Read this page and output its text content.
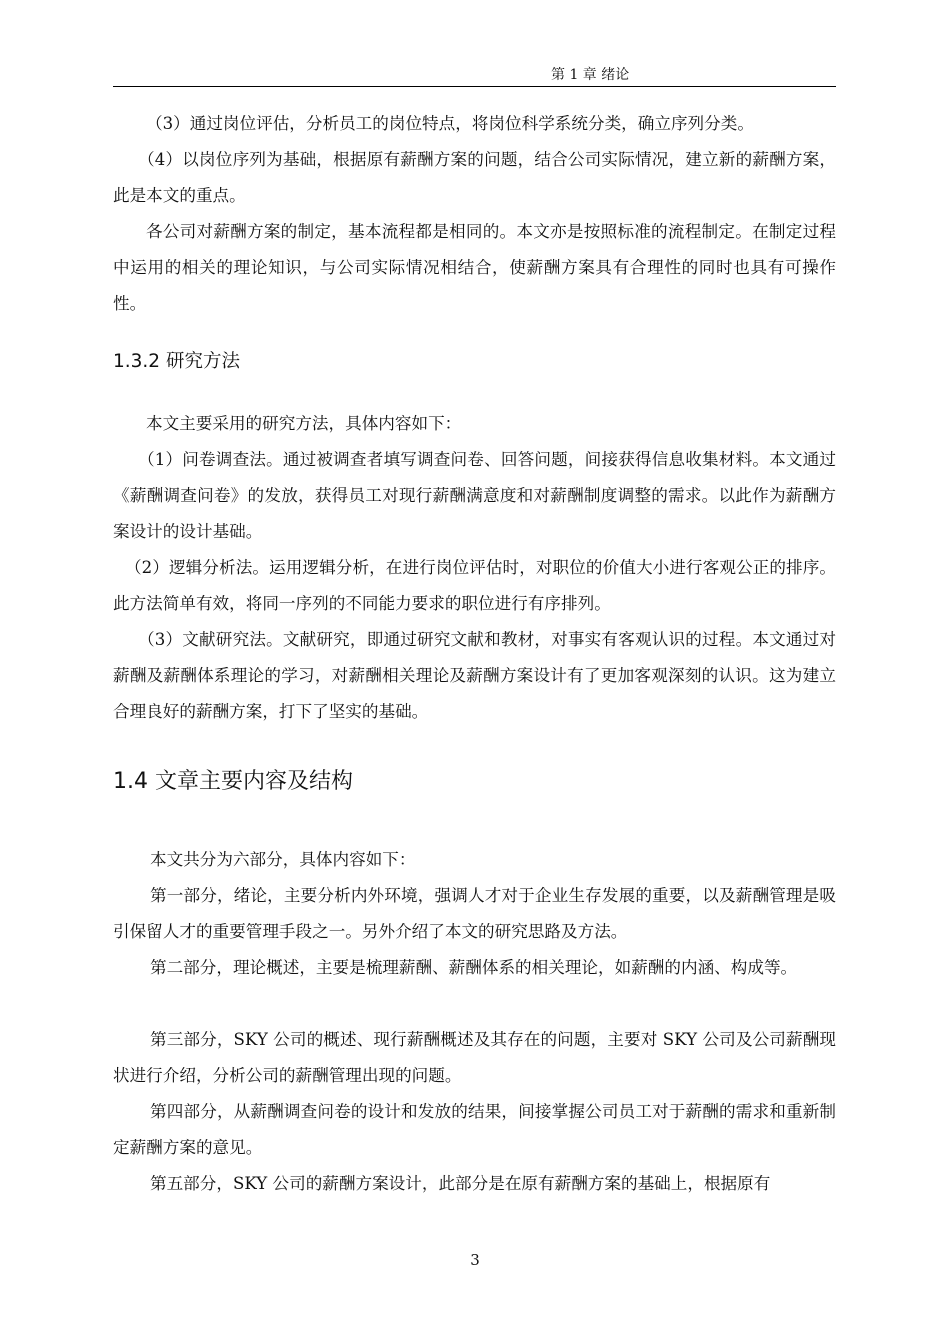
第 1 章 绪论

（3）通过岗位评估，分析员工的岗位特点，将岗位科学系统分类，确立序列分类。

（4）以岗位序列为基础，根据原有薪酬方案的问题，结合公司实际情况，建立新的薪酬方案，此是本文的重点。

各公司对薪酬方案的制定，基本流程都是相同的。本文亦是按照标准的流程制定。在制定过程中运用的相关的理论知识，与公司实际情况相结合，使薪酬方案具有合理性的同时也具有可操作性。

1.3.2 研究方法

本文主要采用的研究方法，具体内容如下：

（1）问卷调查法。通过被调查者填写调查问卷、回答问题，间接获得信息收集材料。本文通过《薪酬调查问卷》的发放，获得员工对现行薪酬满意度和对薪酬制度调整的需求。以此作为薪酬方案设计的设计基础。

（2）逻辑分析法。运用逻辑分析，在进行岗位评估时，对职位的价值大小进行客观公正的排序。此方法简单有效，将同一序列的不同能力要求的职位进行有序排列。

（3）文献研究法。文献研究，即通过研究文献和教材，对事实有客观认识的过程。本文通过对薪酬及薪酬体系理论的学习，对薪酬相关理论及薪酬方案设计有了更加客观深刻的认识。这为建立合理良好的薪酬方案，打下了坚实的基础。

1.4 文章主要内容及结构

本文共分为六部分，具体内容如下：

第一部分，绪论，主要分析内外环境，强调人才对于企业生存发展的重要，以及薪酬管理是吸引保留人才的重要管理手段之一。另外介绍了本文的研究思路及方法。

第二部分，理论概述，主要是梳理薪酬、薪酬体系的相关理论，如薪酬的内涵、构成等。

第三部分，SKY 公司的概述、现行薪酬概述及其存在的问题，主要对 SKY 公司及公司薪酬现状进行介绍，分析公司的薪酬管理出现的问题。

第四部分，从薪酬调查问卷的设计和发放的结果，间接掌握公司员工对于薪酬的需求和重新制定薪酬方案的意见。

第五部分，SKY 公司的薪酬方案设计，此部分是在原有薪酬方案的基础上，根据原有

3
